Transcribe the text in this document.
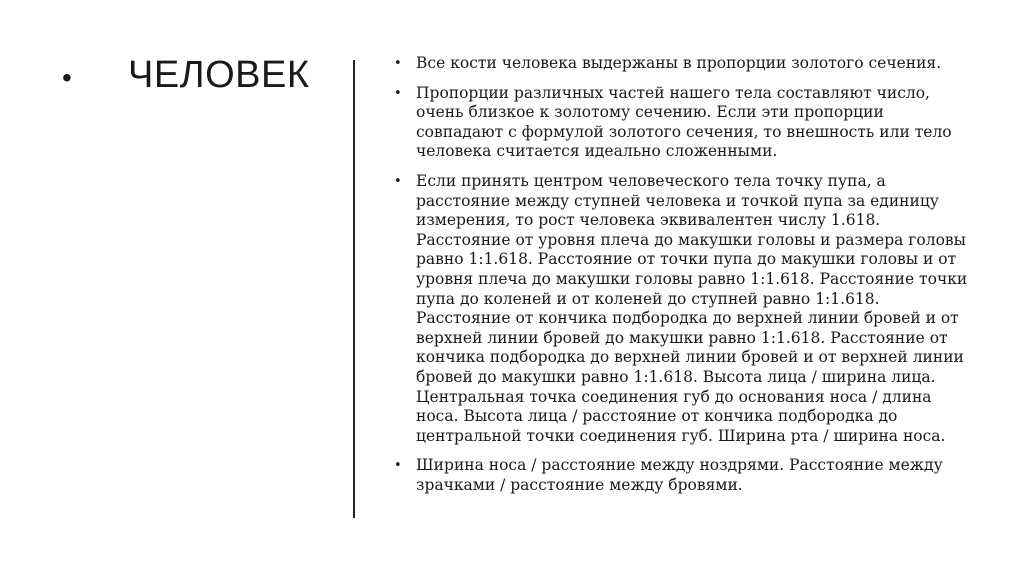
• ЧЕЛОВЕК	• Все кости человека выдержаны в пропорции золотого сечения.
• Пропорции различных частей нашего тела составляют число, очень близкое к золотому сечению. Если эти пропорции совпадают с формулой золотого сечения, то внешность или тело человека считается идеально сложенными.
• Если принять центром человеческого тела точку пупа, а расстояние между ступней человека и точкой пупа за единицу измерения, то рост человека эквивалентен числу 1.618. Расстояние от уровня плеча до макушки головы и размера головы равно 1:1.618. Расстояние от точки пупа до макушки головы и от уровня плеча до макушки головы равно 1:1.618. Расстояние точки пупа до коленей и от коленей до ступней равно 1:1.618. Расстояние от кончика подбородка до верхней линии бровей и от верхней линии бровей до макушки равно 1:1.618. Расстояние от кончика подбородка до верхней линии бровей и от верхней линии бровей до макушки равно 1:1.618. Высота лица / ширина лица. Центральная точка соединения губ до основания носа / длина носа. Высота лица / расстояние от кончика подбородка до центральной точки соединения губ. Ширина рта / ширина носа.
• Ширина носа / расстояние между ноздрями. Расстояние между зрачками / расстояние между бровями.
